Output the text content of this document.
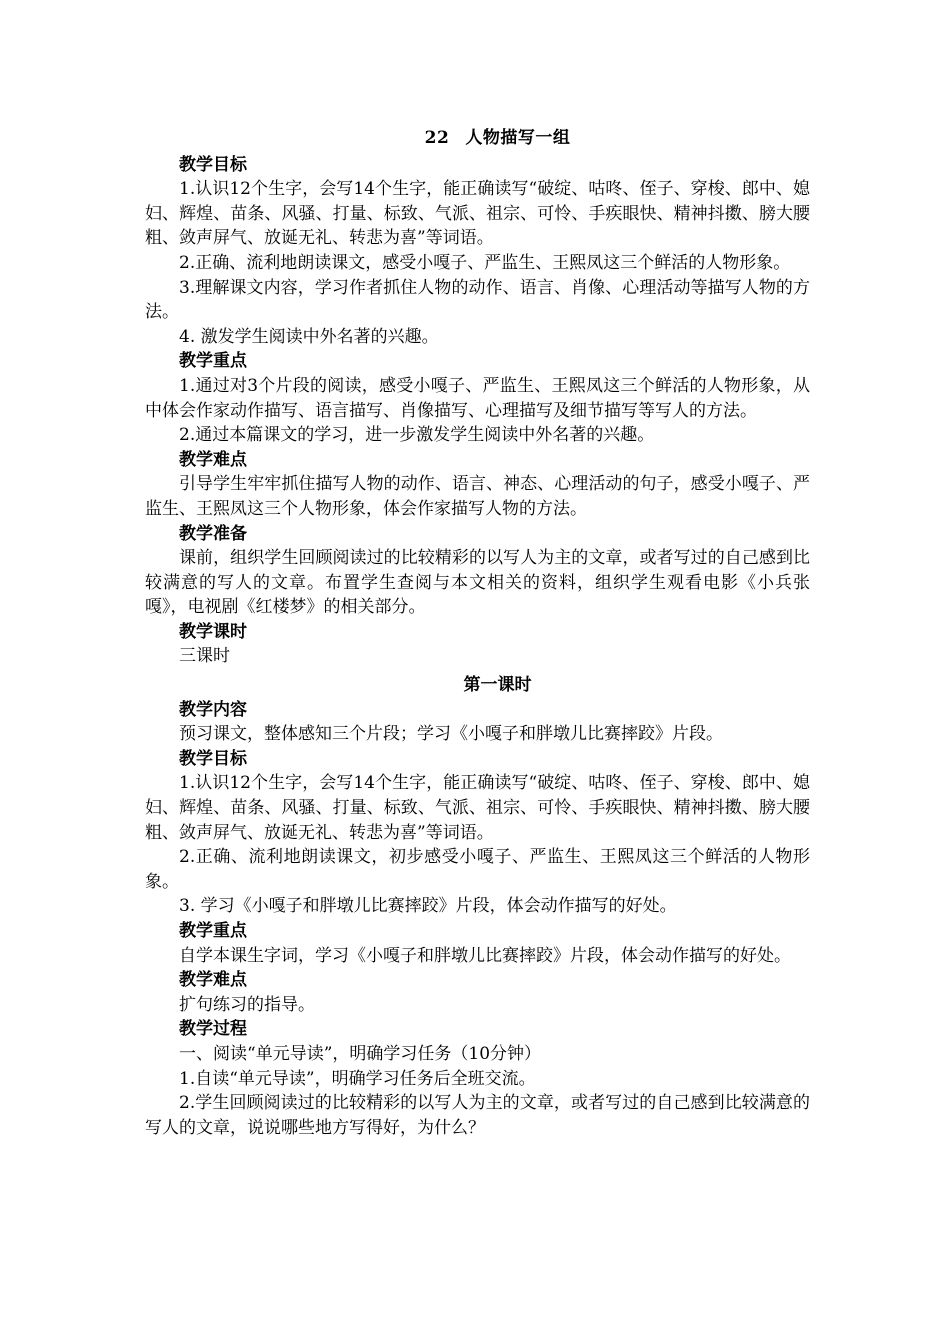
22 人物描写一组
教学目标
1.认识12个生字，会写14个生字，能正确读写“破绽、咕咚、侄子、穿梭、郎中、媳妇、辉煌、苗条、风骚、打量、标致、气派、祖宗、可怜、手疾眼快、精神抖擞、膀大腰粗、敛声屏气、放诞无礼、转悲为喜”等词语。
2.正确、流利地朗读课文，感受小嘎子、严监生、王熙凤这三个鲜活的人物形象。
3.理解课文内容，学习作者抓住人物的动作、语言、肖像、心理活动等描写人物的方法。
4. 激发学生阅读中外名著的兴趣。
教学重点
1.通过对3个片段的阅读，感受小嘎子、严监生、王熙凤这三个鲜活的人物形象，从中体会作家动作描写、语言描写、肖像描写、心理描写及细节描写等写人的方法。
2.通过本篇课文的学习，进一步激发学生阅读中外名著的兴趣。
教学难点
引导学生牢牢抓住描写人物的动作、语言、神态、心理活动的句子，感受小嘎子、严监生、王熙凤这三个人物形象，体会作家描写人物的方法。
教学准备
课前，组织学生回顾阅读过的比较精彩的以写人为主的文章，或者写过的自己感到比较满意的写人的文章。布置学生查阅与本文相关的资料，组织学生观看电影《小兵张嘎》，电视剧《红楼梦》的相关部分。
教学课时
三课时
第一课时
教学内容
预习课文，整体感知三个片段；学习《小嘎子和胖墩儿比赛摔跤》片段。
教学目标
1.认识12个生字，会写14个生字，能正确读写“破绽、咕咚、侄子、穿梭、郎中、媳妇、辉煌、苗条、风骚、打量、标致、气派、祖宗、可怜、手疾眼快、精神抖擞、膀大腰粗、敛声屏气、放诞无礼、转悲为喜”等词语。
2.正确、流利地朗读课文，初步感受小嘎子、严监生、王熙凤这三个鲜活的人物形象。
3. 学习《小嘎子和胖墩儿比赛摔跤》片段，体会动作描写的好处。
教学重点
自学本课生字词，学习《小嘎子和胖墩儿比赛摔跤》片段，体会动作描写的好处。
教学难点
扩句练习的指导。
教学过程
一、阅读“单元导读”，明确学习任务（10分钟）
1.自读“单元导读”，明确学习任务后全班交流。
2.学生回顾阅读过的比较精彩的以写人为主的文章，或者写过的自己感到比较满意的写人的文章，说说哪些地方写得好，为什么？
